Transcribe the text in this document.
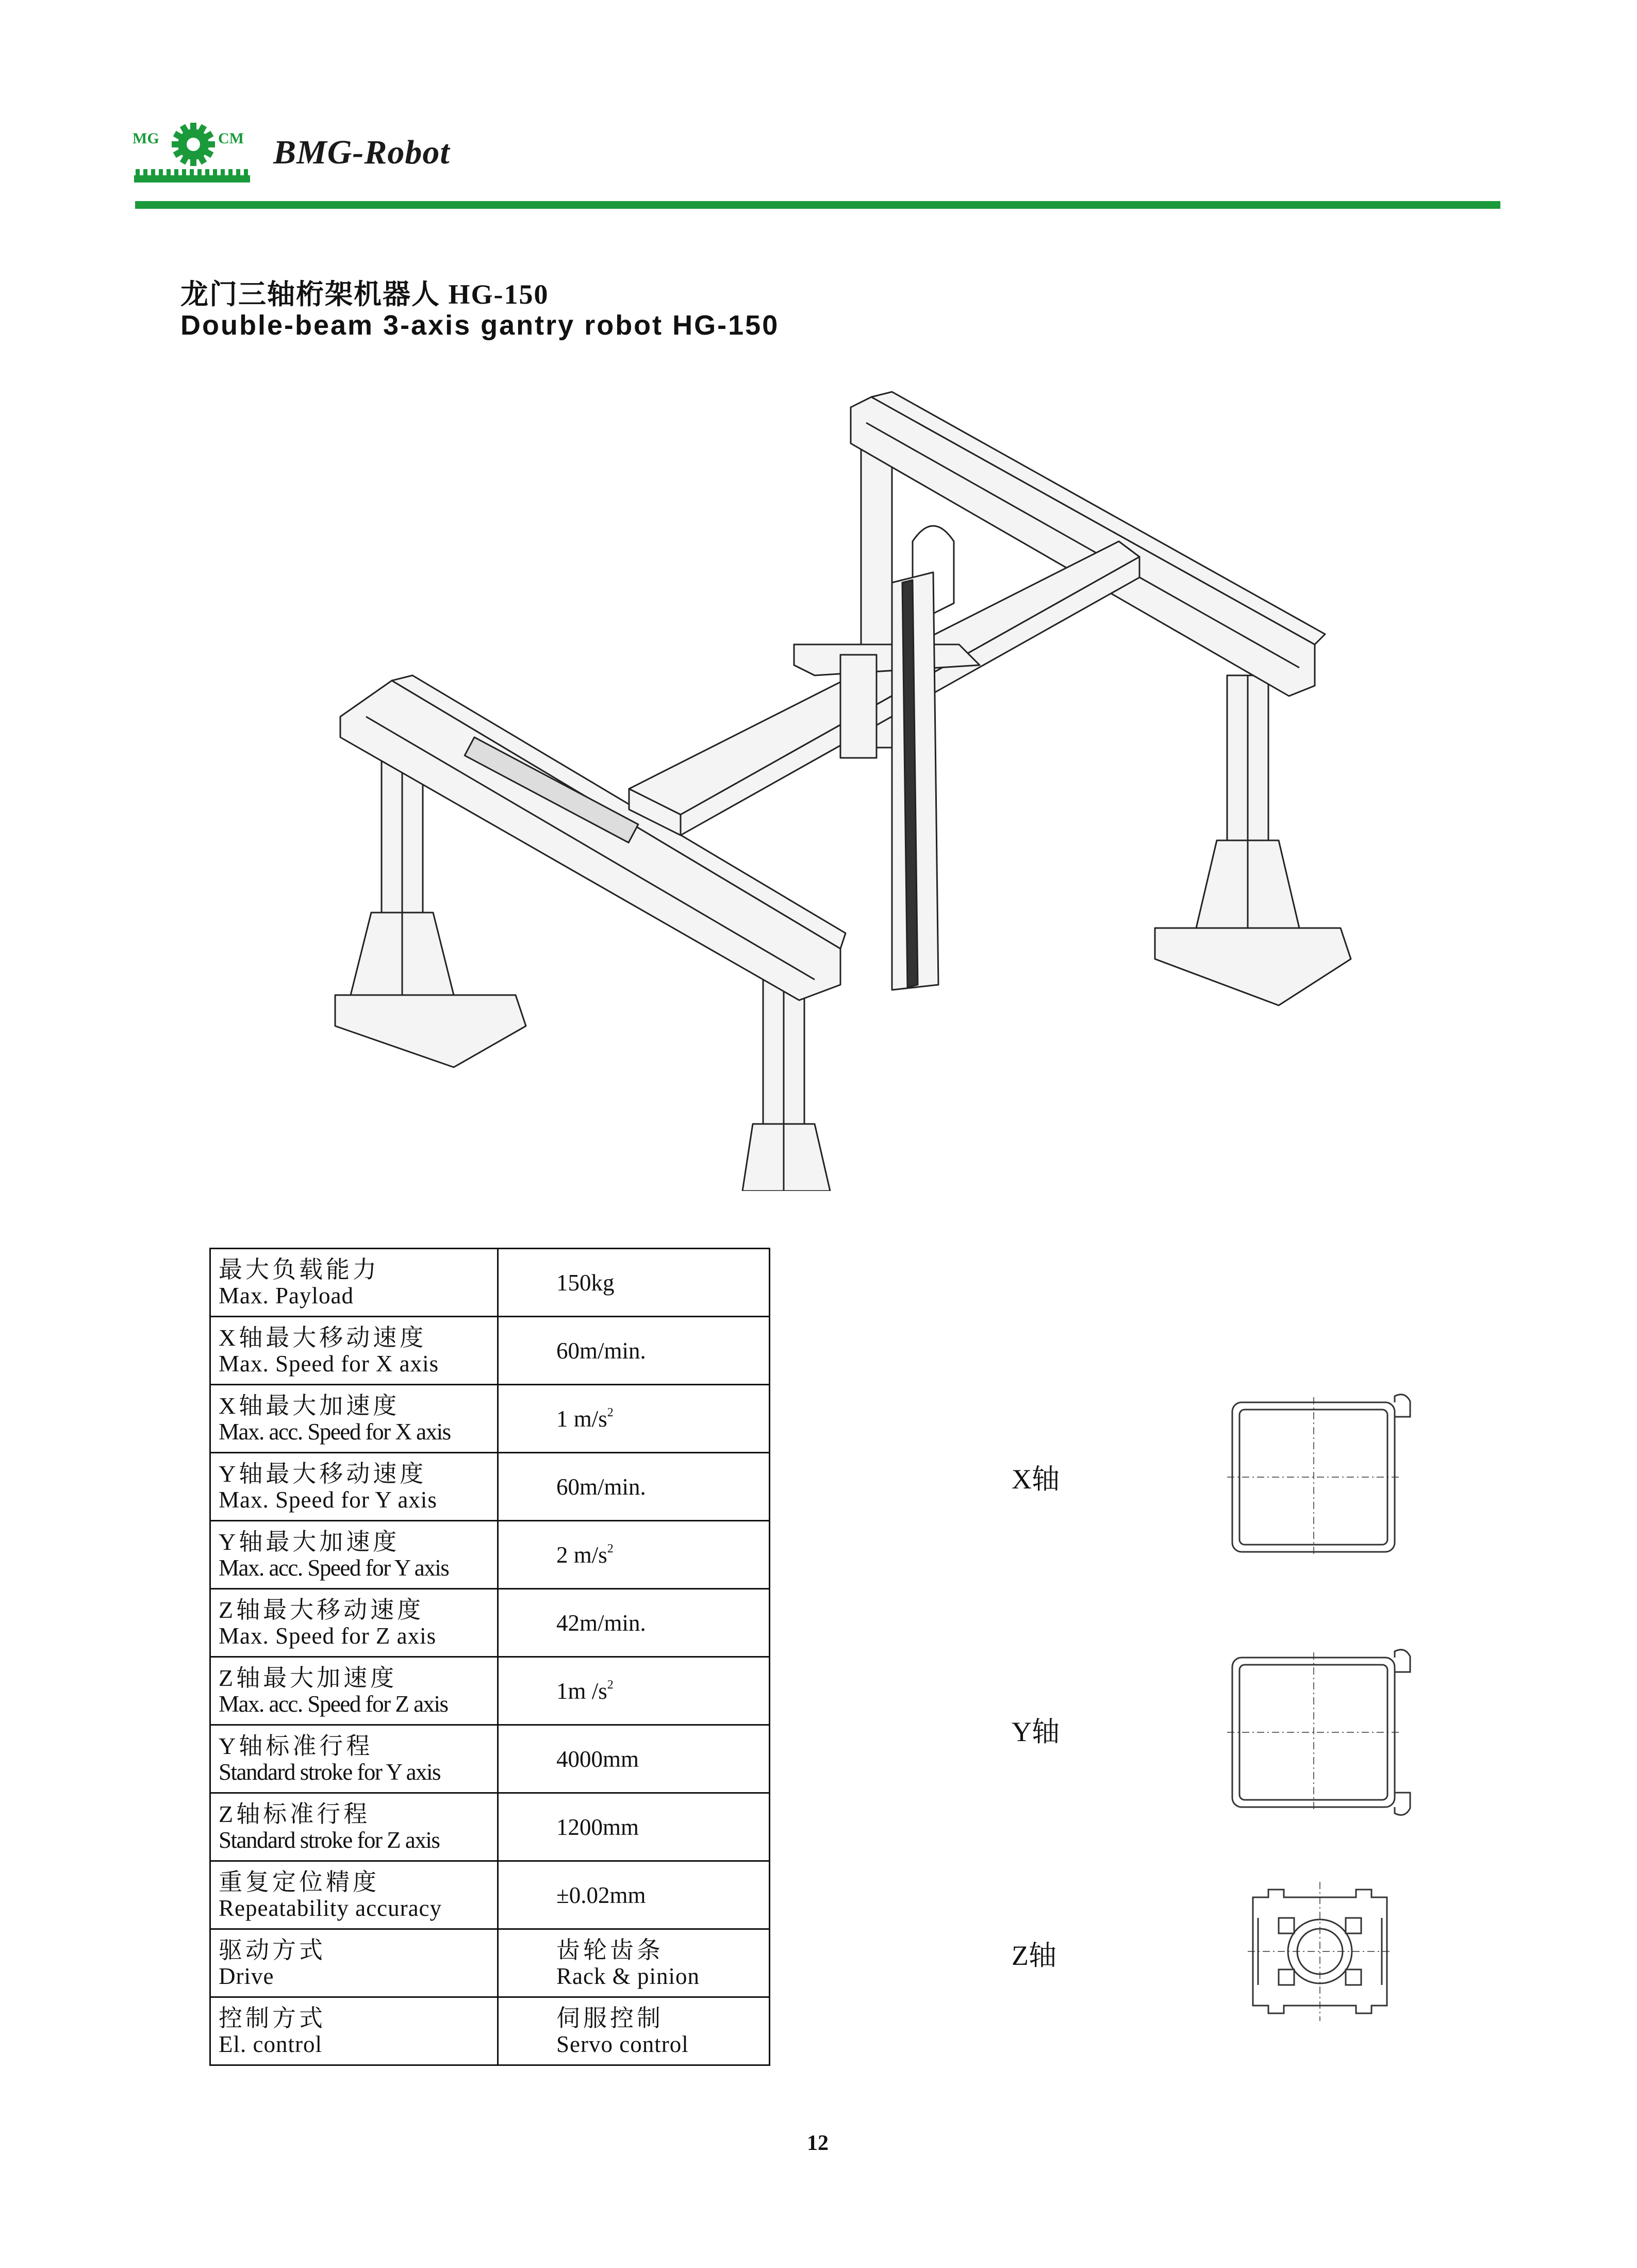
MG	CM BMG-Robot
龙门三轴桁架机器人 HG-150
Double-beam 3-axis gantry robot HG-150
最大负载能力
Max. Payload	150kg

X轴最大移动速度
Max. Speed for X axis	60m/min.

X轴最大加速度
Max. acc. Speed for X axis	1 $m/s^2$

Y轴最大移动速度
Max. Speed for Y axis	60m/min.

Y轴最大加速度
Max. acc. Speed for Y axis	2 $m/s^2$

Z轴最大移动速度
Max. Speed for Z axis	42m/min.

Z轴最大加速度
Max. acc. Speed for Z axis	1m $/s^2$

Y轴标准行程
Standard stroke for Y axis	4000mm

Z轴标准行程
Standard stroke for Z axis	1200mm

重复定位精度
Repeatability accuracy	±0.02mm

驱动方式
Drive	齿轮齿条
Rack & pinion

控制方式
El. control	伺服控制
Servo control
X轴
Y轴
Z轴
12
